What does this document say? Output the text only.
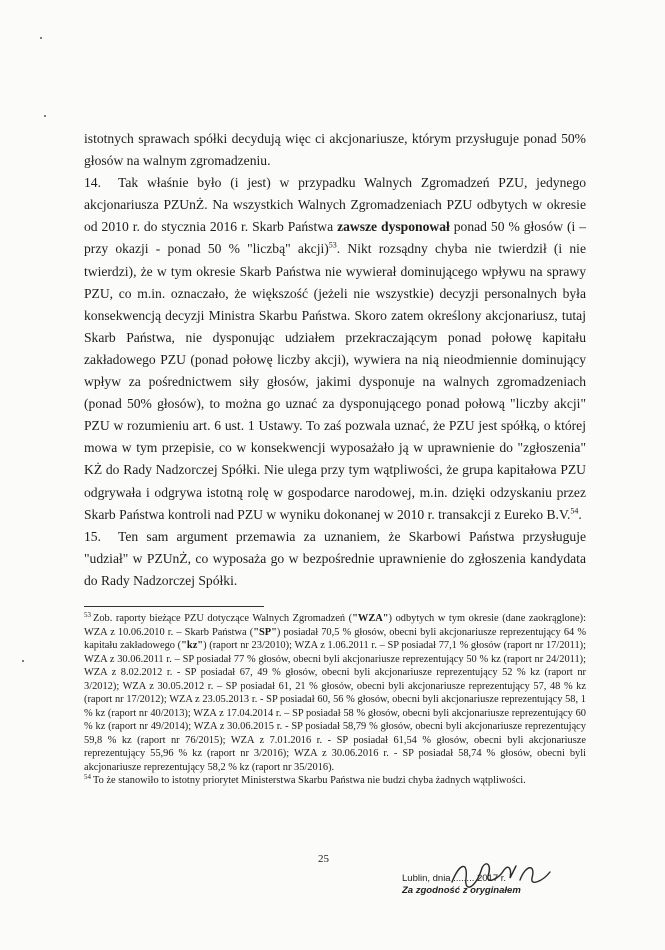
istotnych sprawach spółki decydują więc ci akcjonariusze, którym przysługuje ponad 50% głosów na walnym zgromadzeniu.

14. Tak właśnie było (i jest) w przypadku Walnych Zgromadzeń PZU, jedynego akcjonariusza PZUnŻ. Na wszystkich Walnych Zgromadzeniach PZU odbytych w okresie od 2010 r. do stycznia 2016 r. Skarb Państwa zawsze dysponował ponad 50 % głosów (i – przy okazji - ponad 50 % "liczbą" akcji)$^{53}$. Nikt rozsądny chyba nie twierdził (i nie twierdzi), że w tym okresie Skarb Państwa nie wywierał dominującego wpływu na sprawy PZU, co m.in. oznaczało, że większość (jeżeli nie wszystkie) decyzji personalnych była konsekwencją decyzji Ministra Skarbu Państwa. Skoro zatem określony akcjonariusz, tutaj Skarb Państwa, nie dysponując udziałem przekraczającym ponad połowę kapitału zakładowego PZU (ponad połowę liczby akcji), wywiera na nią nieodmiennie dominujący wpływ za pośrednictwem siły głosów, jakimi dysponuje na walnych zgromadzeniach (ponad 50% głosów), to można go uznać za dysponującego ponad połową "liczby akcji" PZU w rozumieniu art. 6 ust. 1 Ustawy. To zaś pozwala uznać, że PZU jest spółką, o której mowa w tym przepisie, co w konsekwencji wyposażało ją w uprawnienie do "zgłoszenia" KŻ do Rady Nadzorczej Spółki. Nie ulega przy tym wątpliwości, że grupa kapitałowa PZU odgrywała i odgrywa istotną rolę w gospodarce narodowej, m.in. dzięki odzyskaniu przez Skarb Państwa kontroli nad PZU w wyniku dokonanej w 2010 r. transakcji z Eureko B.V.$^{54}$.

15. Ten sam argument przemawia za uznaniem, że Skarbowi Państwa przysługuje "udział" w PZUnŻ, co wyposaża go w bezpośrednie uprawnienie do zgłoszenia kandydata do Rady Nadzorczej Spółki.

$^{53}$ Zob. raporty bieżące PZU dotyczące Walnych Zgromadzeń ("WZA") odbytych w tym okresie (dane zaokrąglone): WZA z 10.06.2010 r. – Skarb Państwa ("SP") posiadał 70,5 % głosów, obecni byli akcjonariusze reprezentujący 64 % kapitału zakładowego ("kz") (raport nr 23/2010); WZA z 1.06.2011 r. – SP posiadał 77,1 % głosów (raport nr 17/2011); WZA z 30.06.2011 r. – SP posiadał 77 % głosów, obecni byli akcjonariusze reprezentujący 50 % kz (raport nr 24/2011); WZA z 8.02.2012 r. - SP posiadał 67, 49 % głosów, obecni byli akcjonariusze reprezentujący 52 % kz (raport nr 3/2012); WZA z 30.05.2012 r. – SP posiadał 61, 21 % głosów, obecni byli akcjonariusze reprezentujący 57, 48 % kz (raport nr 17/2012); WZA z 23.05.2013 r. - SP posiadał 60, 56 % głosów, obecni byli akcjonariusze reprezentujący 58, 1 % kz (raport nr 40/2013); WZA z 17.04.2014 r. – SP posiadał 58 % głosów, obecni byli akcjonariusze reprezentujący 60 % kz (raport nr 49/2014); WZA z 30.06.2015 r. - SP posiadał 58,79 % głosów, obecni byli akcjonariusze reprezentujący 59,8 % kz (raport nr 76/2015); WZA z 7.01.2016 r. - SP posiadał 61,54 % głosów, obecni byli akcjonariusze reprezentujący 55,96 % kz (raport nr 3/2016); WZA z 30.06.2016 r. - SP posiadał 58,74 % głosów, obecni byli akcjonariusze reprezentujący 58,2 % kz (raport nr 35/2016).

$^{54}$ To że stanowiło to istotny priorytet Ministerstwa Skarbu Państwa nie budzi chyba żadnych wątpliwości.

25
Lublin, dnia ........ 2017 r.
Za zgodność z oryginałem
